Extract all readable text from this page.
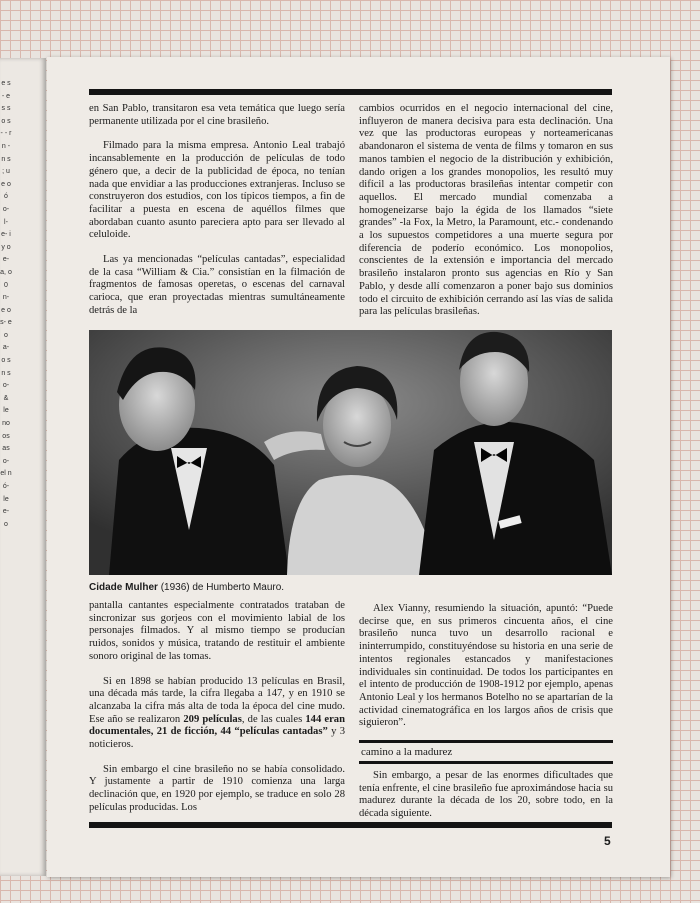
e s - e s s o s - - r n - n s ; u e o ó o- l- e- i y o e- a, o 0 n- e o s- e o a- o s n s o- & le no os as o- el n ó- le e- o

en San Pablo, transitaron esa veta temática que luego sería permanente utilizada por el cine brasileño.

Filmado para la misma empresa. Antonio Leal trabajó incansablemente en la producción de películas de todo género que, a decir de la publicidad de época, no tenían nada que envidiar a las producciones extranjeras. Incluso se construyeron dos estudios, con los típicos tiempos, a fin de facilitar a puesta en escena de aquéllos filmes que abordaban cuanto asunto pareciera apto para ser llevado al celuloide.

Las ya mencionadas “películas cantadas”, especialidad de la casa “William & Cia.” consistían en la filmación de fragmentos de famosas operetas, o escenas del carnaval carioca, que eran proyectadas mientras sumultáneamente detrás de la

cambios ocurridos en el negocio internacional del cine, influyeron de manera decisiva para esta declinación. Una vez que las productoras europeas y norteamericanas abandonaron el sistema de venta de films y tomaron en sus manos tambien el negocio de la distribución y exhibición, dando origen a los grandes monopolios, les resultó muy difícil a las productoras brasileñas intentar competir con aquellos. El mercado mundial comenzaba a homogeneizarse bajo la égida de los llamados “siete grandes” -la Fox, la Metro, la Paramount, etc.- condenando a los supuestos competidores a una muerte segura por diferencia de poderío económico. Los monopolios, conscientes de la extensión e importancia del mercado brasileño instalaron pronto sus agencias en Río y San Pablo, y desde allí comenzaron a poner bajo sus dominios todo el circuito de exhibición cerrando así las vías de salida para las películas brasileñas.

Cidade Mulher (1936) de Humberto Mauro.

pantalla cantantes especialmente contratados trataban de sincronizar sus gorjeos con el movimiento labial de los personajes filmados. Y al mismo tiempo se producían ruidos, sonidos y música, tratando de restituir el ambiente sonoro original de las tomas.

Si en 1898 se habían producido 13 películas en Brasil, una década más tarde, la cifra llegaba a 147, y en 1910 se alcanzaba la cifra más alta de toda la época del cine mudo. Ese año se realizaron 209 películas, de las cuales 144 eran documentales, 21 de ficción, 44 “películas cantadas” y 3 noticieros.

Sin embargo el cine brasileño no se había consolidado. Y justamente a partir de 1910 comienza una larga declinación que, en 1920 por ejemplo, se traduce en solo 28 películas producidas. Los

Alex Vianny, resumiendo la situación, apuntó: “Puede decirse que, en sus primeros cincuenta años, el cine brasileño nunca tuvo un desarrollo racional e ininterrumpido, constituyéndose su historia en una serie de intentos regionales estancados y manifestaciones individuales sin continuidad. De todos los participantes en el intento de producción de 1908-1912 por ejemplo, apenas Antonio Leal y los hermanos Botelho no se apartarían de la actividad cinematográfica en los largos años de crisis que siguieron”.

camino a la madurez

Sin embargo, a pesar de las enormes dificultades que tenía enfrente, el cine brasileño fue aproximándose hacia su madurez durante la década de los 20, sobre todo, en la década siguiente.

5
